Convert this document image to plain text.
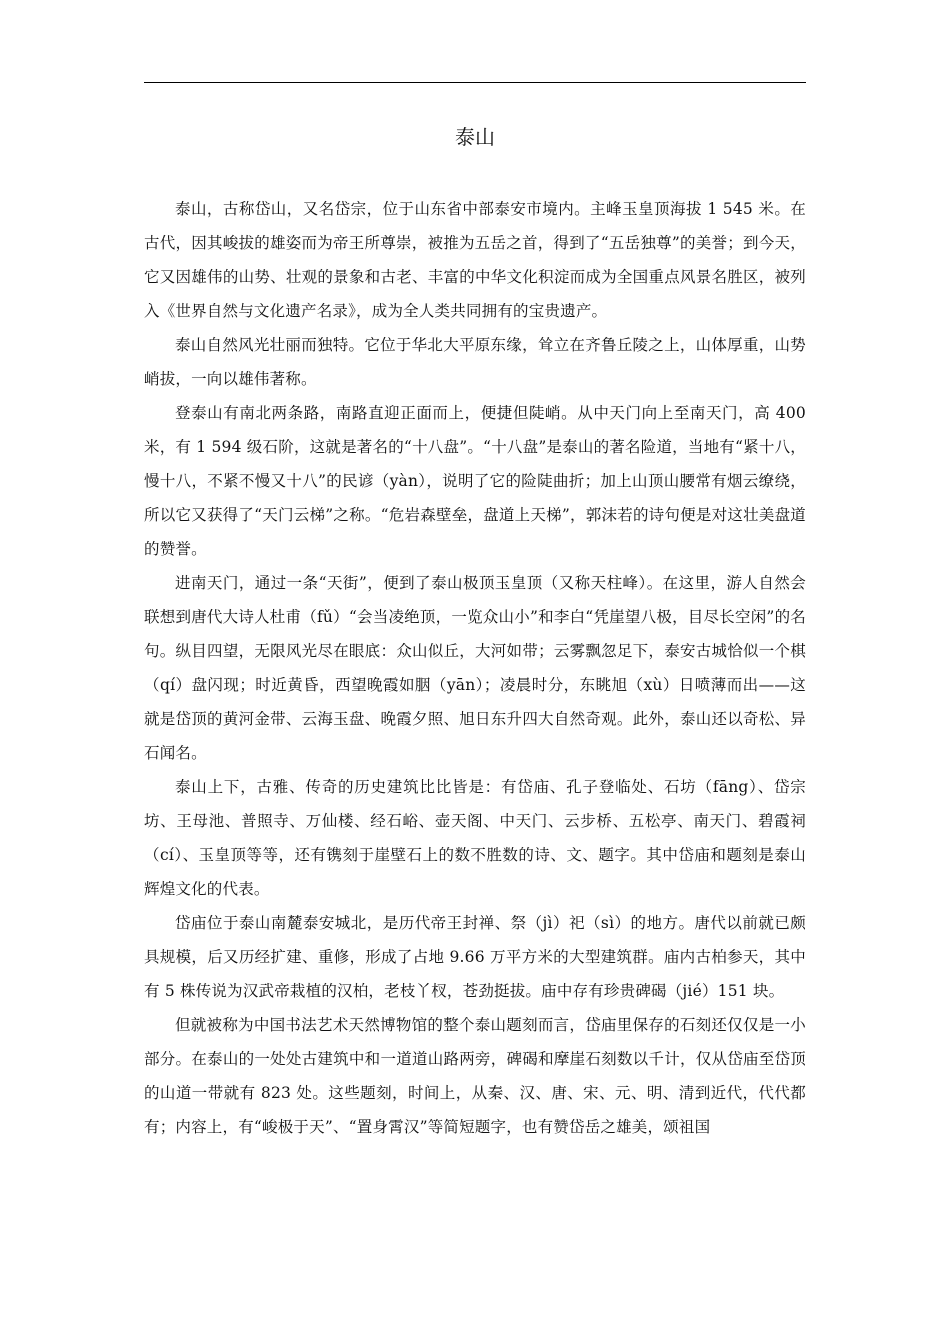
泰山

泰山，古称岱山，又名岱宗，位于山东省中部泰安市境内。主峰玉皇顶海拔 1 545 米。在古代，因其峻拔的雄姿而为帝王所尊崇，被推为五岳之首，得到了“五岳独尊”的美誉；到今天，它又因雄伟的山势、壮观的景象和古老、丰富的中华文化积淀而成为全国重点风景名胜区，被列入《世界自然与文化遗产名录》，成为全人类共同拥有的宝贵遗产。

泰山自然风光壮丽而独特。它位于华北大平原东缘，耸立在齐鲁丘陵之上，山体厚重，山势峭拔，一向以雄伟著称。

登泰山有南北两条路，南路直迎正面而上，便捷但陡峭。从中天门向上至南天门，高 400 米，有 1 594 级石阶，这就是著名的“十八盘”。“十八盘”是泰山的著名险道，当地有“紧十八，慢十八，不紧不慢又十八”的民谚（yàn），说明了它的险陡曲折；加上山顶山腰常有烟云缭绕，所以它又获得了“天门云梯”之称。“危岩森壁垒，盘道上天梯”，郭沫若的诗句便是对这壮美盘道的赞誉。

进南天门，通过一条“天街”，便到了泰山极顶玉皇顶（又称天柱峰）。在这里，游人自然会联想到唐代大诗人杜甫（fǔ）“会当凌绝顶，一览众山小”和李白“凭崖望八极，目尽长空闲”的名句。纵目四望，无限风光尽在眼底：众山似丘，大河如带；云雾飘忽足下，泰安古城恰似一个棋（qí）盘闪现；时近黄昏，西望晚霞如胭（yān）；凌晨时分，东眺旭（xù）日喷薄而出——这就是岱顶的黄河金带、云海玉盘、晚霞夕照、旭日东升四大自然奇观。此外，泰山还以奇松、异石闻名。

泰山上下，古雅、传奇的历史建筑比比皆是：有岱庙、孔子登临处、石坊（fāng）、岱宗坊、王母池、普照寺、万仙楼、经石峪、壶天阁、中天门、云步桥、五松亭、南天门、碧霞祠（cí）、玉皇顶等等，还有镌刻于崖壁石上的数不胜数的诗、文、题字。其中岱庙和题刻是泰山辉煌文化的代表。

岱庙位于泰山南麓泰安城北，是历代帝王封禅、祭（jì）祀（sì）的地方。唐代以前就已颇具规模，后又历经扩建、重修，形成了占地 9.66 万平方米的大型建筑群。庙内古柏参天，其中有 5 株传说为汉武帝栽植的汉柏，老枝丫杈，苍劲挺拔。庙中存有珍贵碑碣（jié）151 块。

但就被称为中国书法艺术天然博物馆的整个泰山题刻而言，岱庙里保存的石刻还仅仅是一小部分。在泰山的一处处古建筑中和一道道山路两旁，碑碣和摩崖石刻数以千计，仅从岱庙至岱顶的山道一带就有 823 处。这些题刻，时间上，从秦、汉、唐、宋、元、明、清到近代，代代都有；内容上，有“峻极于天”、“置身霄汉”等简短题字，也有赞岱岳之雄美，颂祖国
